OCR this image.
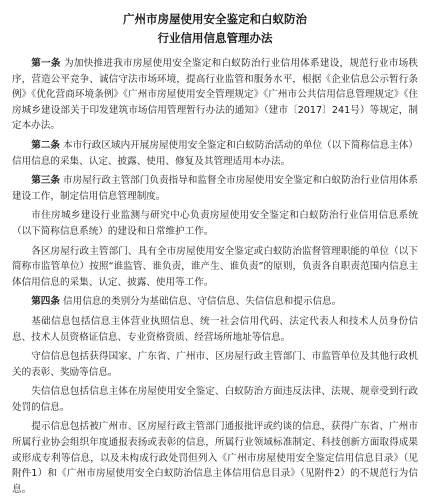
广州市房屋使用安全鉴定和白蚁防治

行业信用信息管理办法

第一条 为加快推进我市房屋使用安全鉴定和白蚁防治行业信用体系建设，规范行业市场秩序，营造公平竞争、诚信守法市场环境，提高行业监管和服务水平，根据《企业信息公示暂行条例》《优化营商环境条例》《广州市房屋使用安全管理规定》《广州市公共信用信息管理规定》《住房城乡建设部关于印发建筑市场信用管理暂行办法的通知》（建市〔2017〕241号）等规定，制定本办法。

第二条 本市行政区域内开展房屋使用安全鉴定和白蚁防治活动的单位（以下简称信息主体）信用信息的采集、认定、披露、使用、修复及其管理适用本办法。

第三条 市房屋行政主管部门负责指导和监督全市房屋使用安全鉴定和白蚁防治行业信用体系建设工作，制定信用信息管理制度。

市住房城乡建设行业监测与研究中心负责房屋使用安全鉴定和白蚁防治行业信用信息系统（以下简称信息系统）的建设和日常维护工作。

各区房屋行政主管部门、具有全市房屋使用安全鉴定或白蚁防治监督管理职能的单位（以下简称市监管单位）按照“谁监管、谁负责，谁产生、谁负责”的原则，负责各自职责范围内信息主体信用信息的采集、认定、披露、使用等工作。

第四条 信用信息的类别分为基础信息、守信信息、失信信息和提示信息。

基础信息包括信息主体营业执照信息、统一社会信用代码、法定代表人和技术人员身份信息、技术人员资格证信息、专业资格资质、经营场所地址等信息。

守信信息包括获得国家、广东省、广州市、区房屋行政主管部门、市监管单位及其他行政机关的表彰、奖励等信息。

失信信息包括信息主体在房屋使用安全鉴定、白蚁防治方面违反法律、法规、规章受到行政处罚的信息。

提示信息包括被广州市、区房屋行政主管部门通报批评或约谈的信息，获得广东省、广州市所属行业协会组织年度通报表扬或表彰的信息，所属行业领域标准制定、科技创新方面取得成果或形成专利等信息，以及未构成行政处罚但列入《广州市房屋使用安全鉴定信用信息目录》（见附件1）和《广州市房屋使用安全白蚁防治信息主体信用信息目录》（见附件2）的不规范行为信息。
